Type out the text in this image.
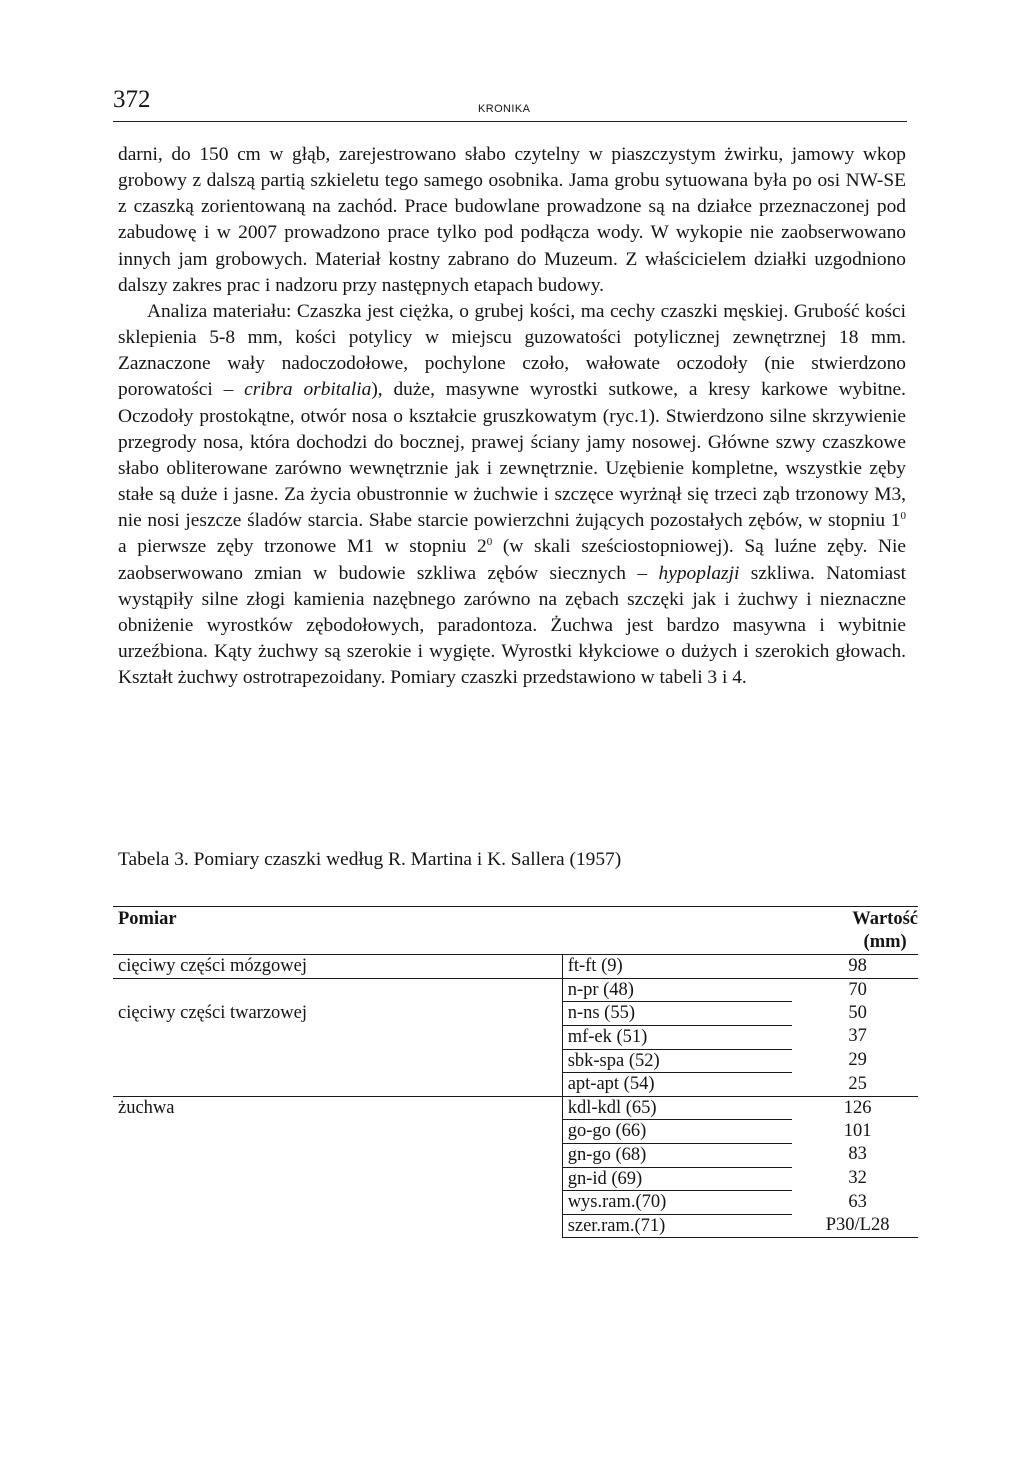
372	KRONIKA

darni, do 150 cm w głąb, zarejestrowano słabo czytelny w piaszczystym żwirku, jamowy wkop grobowy z dalszą partią szkieletu tego samego osobnika. Jama grobu sytuowana była po osi NW-SE z czaszką zorientowaną na zachód. Prace budowlane prowadzone są na działce przeznaczonej pod zabudowę i w 2007 prowadzono prace tylko pod podłącza wody. W wykopie nie zaobserwowano innych jam grobowych. Materiał kostny zabrano do Muzeum. Z właścicielem działki uzgodniono dalszy zakres prac i nadzoru przy następnych etapach budowy.

Analiza materiału: Czaszka jest ciężka, o grubej kości, ma cechy czaszki męskiej. Grubość kości sklepienia 5-8 mm, kości potylicy w miejscu guzowatości potylicznej zewnętrznej 18 mm. Zaznaczone wały nadoczodołowe, pochylone czoło, wałowate oczodoły (nie stwierdzono porowatości – cribra orbitalia), duże, masywne wyrostki sutkowe, a kresy karkowe wybitne. Oczodoły prostokątne, otwór nosa o kształcie gruszkowatym (ryc.1). Stwierdzono silne skrzywienie przegrody nosa, która dochodzi do bocznej, prawej ściany jamy nosowej. Główne szwy czaszkowe słabo obliterowane zarówno wewnętrznie jak i zewnętrznie. Uzębienie kompletne, wszystkie zęby stałe są duże i jasne. Za życia obustronnie w żuchwie i szczęce wyrżnął się trzeci ząb trzonowy M3, nie nosi jeszcze śladów starcia. Słabe starcie powierzchni żujących pozostałych zębów, w stopniu $1^0$ a pierwsze zęby trzonowe M1 w stopniu $2^0$ (w skali sześciostopniowej). Są luźne zęby. Nie zaobserwowano zmian w budowie szkliwa zębów siecznych – hypoplazji szkliwa. Natomiast wystąpiły silne złogi kamienia nazębnego zarówno na zębach szczęki jak i żuchwy i nieznaczne obniżenie wyrostków zębodołowych, paradontoza. Żuchwa jest bardzo masywna i wybitnie urzeźbiona. Kąty żuchwy są szerokie i wygięte. Wyrostki kłykciowe o dużych i szerokich głowach. Kształt żuchwy ostrotrapezoidany. Pomiary czaszki przedstawiono w tabeli 3 i 4.

Tabela 3. Pomiary czaszki według R. Martina i K. Sallera (1957)
Pomiar		Wartość (mm)
cięciwy części mózgowej	ft-ft (9)	98
cięciwy części twarzowej	n-pr (48)	70
	n-ns (55)	50
	mf-ek (51)	37
	sbk-spa (52)	29
	apt-apt (54)	25
żuchwa	kdl-kdl (65)	126
	go-go (66)	101
	gn-go (68)	83
	gn-id (69)	32
	wys.ram.(70)	63
	szer.ram.(71)	P30/L28
